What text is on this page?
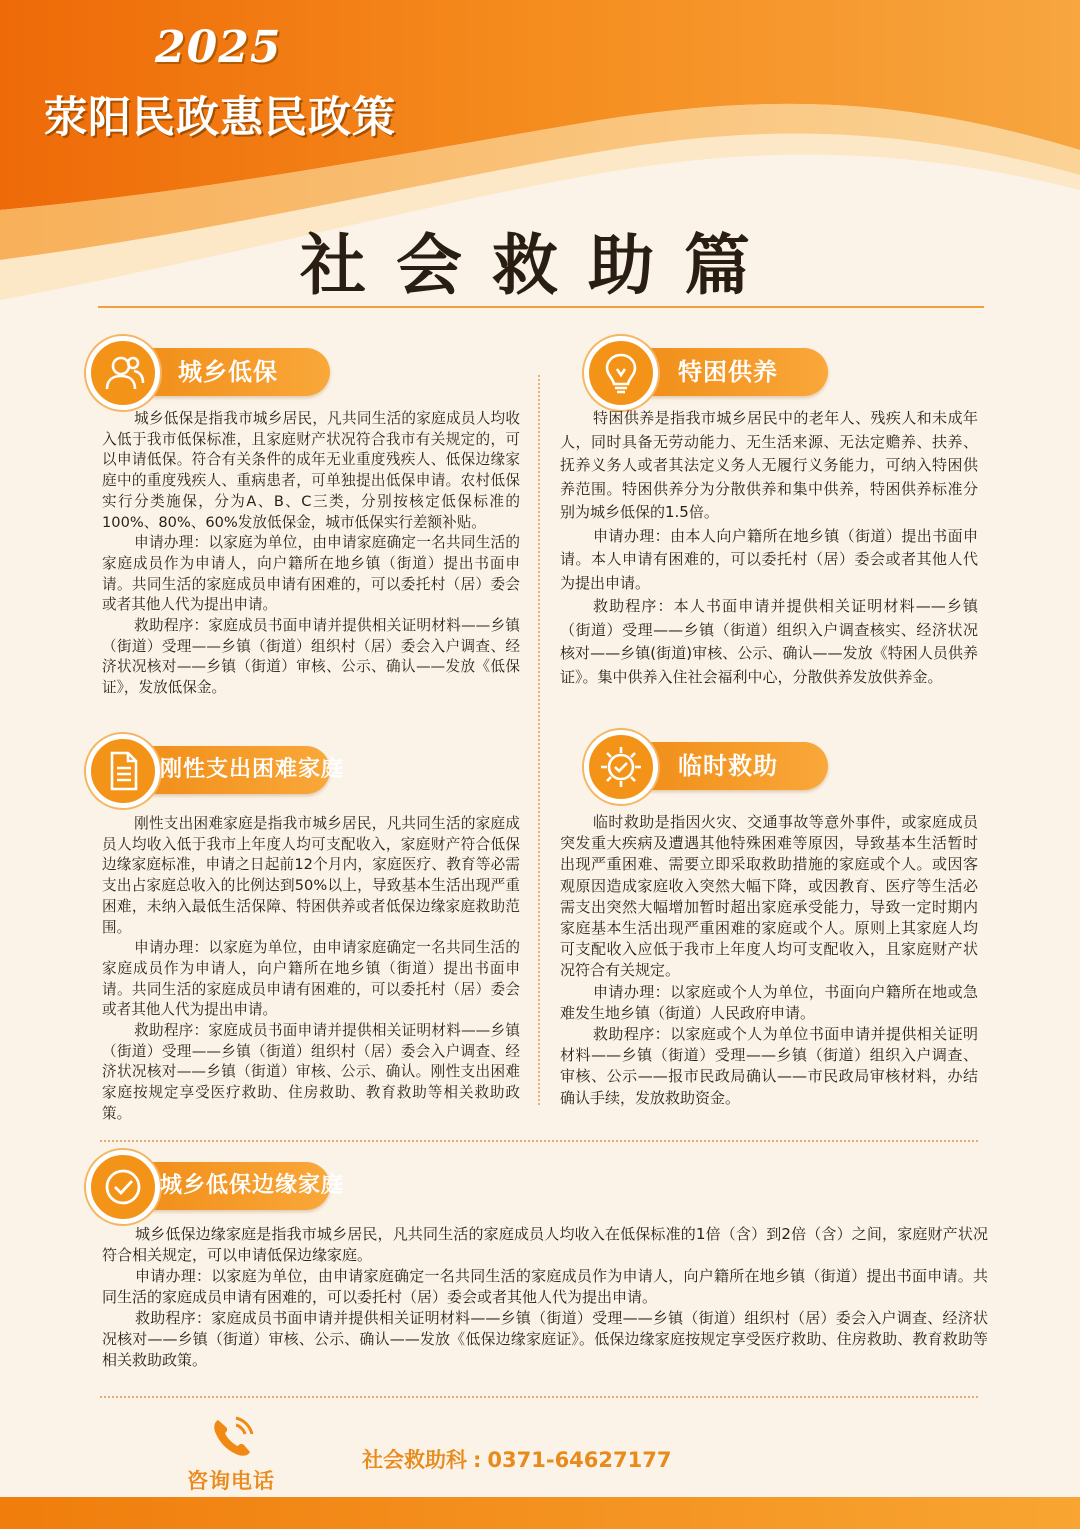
2025
荥阳民政惠民政策
社会救助篇
城乡低保

城乡低保是指我市城乡居民，凡共同生活的家庭成员人均收入低于我市低保标准，且家庭财产状况符合我市有关规定的，可以申请低保。符合有关条件的成年无业重度残疾人、低保边缘家庭中的重度残疾人、重病患者，可单独提出低保申请。农村低保实行分类施保，分为A、B、C三类，分别按核定低保标准的100%、80%、60%发放低保金，城市低保实行差额补贴。

申请办理：以家庭为单位，由申请家庭确定一名共同生活的家庭成员作为申请人，向户籍所在地乡镇（街道）提出书面申请。共同生活的家庭成员申请有困难的，可以委托村（居）委会或者其他人代为提出申请。

救助程序：家庭成员书面申请并提供相关证明材料——乡镇（街道）受理——乡镇（街道）组织村（居）委会入户调查、经济状况核对——乡镇（街道）审核、公示、确认——发放《低保证》，发放低保金。

特困供养

特困供养是指我市城乡居民中的老年人、残疾人和未成年人，同时具备无劳动能力、无生活来源、无法定赡养、扶养、抚养义务人或者其法定义务人无履行义务能力，可纳入特困供养范围。特困供养分为分散供养和集中供养，特困供养标准分别为城乡低保的1.5倍。

申请办理：由本人向户籍所在地乡镇（街道）提出书面申请。本人申请有困难的，可以委托村（居）委会或者其他人代为提出申请。

救助程序：本人书面申请并提供相关证明材料——乡镇（街道）受理——乡镇（街道）组织入户调查核实、经济状况核对——乡镇(街道)审核、公示、确认——发放《特困人员供养证》。集中供养入住社会福利中心，分散供养发放供养金。

刚性支出困难家庭

刚性支出困难家庭是指我市城乡居民，凡共同生活的家庭成员人均收入低于我市上年度人均可支配收入，家庭财产符合低保边缘家庭标准，申请之日起前12个月内，家庭医疗、教育等必需支出占家庭总收入的比例达到50%以上，导致基本生活出现严重困难，未纳入最低生活保障、特困供养或者低保边缘家庭救助范围。

申请办理：以家庭为单位，由申请家庭确定一名共同生活的家庭成员作为申请人，向户籍所在地乡镇（街道）提出书面申请。共同生活的家庭成员申请有困难的，可以委托村（居）委会或者其他人代为提出申请。

救助程序：家庭成员书面申请并提供相关证明材料——乡镇（街道）受理——乡镇（街道）组织村（居）委会入户调查、经济状况核对——乡镇（街道）审核、公示、确认。刚性支出困难家庭按规定享受医疗救助、住房救助、教育救助等相关救助政策。

临时救助

临时救助是指因火灾、交通事故等意外事件，或家庭成员突发重大疾病及遭遇其他特殊困难等原因，导致基本生活暂时出现严重困难、需要立即采取救助措施的家庭或个人。或因客观原因造成家庭收入突然大幅下降，或因教育、医疗等生活必需支出突然大幅增加暂时超出家庭承受能力，导致一定时期内家庭基本生活出现严重困难的家庭或个人。原则上其家庭人均可支配收入应低于我市上年度人均可支配收入，且家庭财产状况符合有关规定。

申请办理：以家庭或个人为单位，书面向户籍所在地或急难发生地乡镇（街道）人民政府申请。

救助程序：以家庭或个人为单位书面申请并提供相关证明材料——乡镇（街道）受理——乡镇（街道）组织入户调查、审核、公示——报市民政局确认——市民政局审核材料，办结确认手续，发放救助资金。

城乡低保边缘家庭

城乡低保边缘家庭是指我市城乡居民，凡共同生活的家庭成员人均收入在低保标准的1倍（含）到2倍（含）之间，家庭财产状况符合相关规定，可以申请低保边缘家庭。

申请办理：以家庭为单位，由申请家庭确定一名共同生活的家庭成员作为申请人，向户籍所在地乡镇（街道）提出书面申请。共同生活的家庭成员申请有困难的，可以委托村（居）委会或者其他人代为提出申请。

救助程序：家庭成员书面申请并提供相关证明材料——乡镇（街道）受理——乡镇（街道）组织村（居）委会入户调查、经济状况核对——乡镇（街道）审核、公示、确认——发放《低保边缘家庭证》。低保边缘家庭按规定享受医疗救助、住房救助、教育救助等相关救助政策。

咨询电话
社会救助科 : 0371-64627177
